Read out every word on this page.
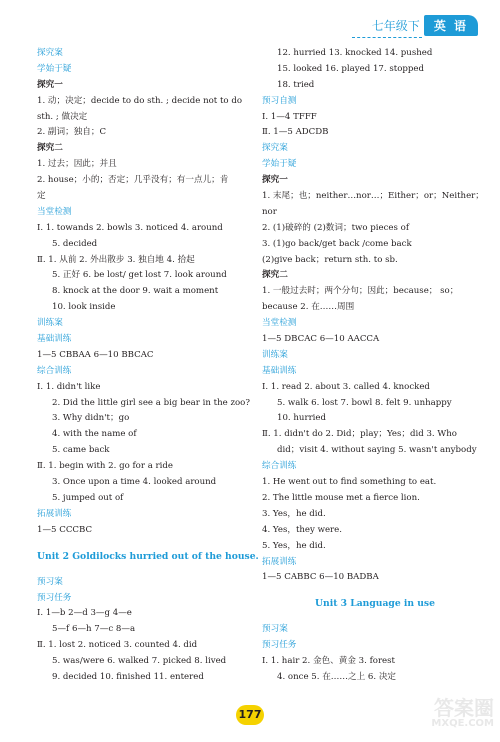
七年级下	英 语
探究案
学始于疑
探究一
1. 动；决定；decide to do sth. ; decide not to do
sth. ; 做决定
2. 副词；独自；C
探究二
1. 过去；因此；并且
2. house；小的；否定；几乎没有；有一点儿；肯
定
当堂检测
Ⅰ. 1. towands 2. bowls 3. noticed 4. around
5. decided
Ⅱ. 1. 从前 2. 外出散步 3. 独自地 4. 拾起
5. 正好 6. be lost/ get lost 7. look around
8. knock at the door 9. wait a moment
10. look inside
训练案
基础训练
1—5 CBBAA 6—10 BBCAC
综合训练
Ⅰ. 1. didn't like
2. Did the little girl see a big bear in the zoo?
3. Why didn't；go
4. with the name of
5. came back
Ⅱ. 1. begin with 2. go for a ride
3. Once upon a time 4. looked around
5. jumped out of
拓展训练
1—5 CCCBC
Unit 2 Goldilocks hurried out of the house.
预习案
预习任务
Ⅰ. 1—b 2—d 3—g 4—e
5—f 6—h 7—c 8—a
Ⅱ. 1. lost 2. noticed 3. counted 4. did
5. was/were 6. walked 7. picked 8. lived
9. decided 10. finished 11. entered
12. hurried 13. knocked 14. pushed
15. looked 16. played 17. stopped
18. tried
预习自测
Ⅰ. 1—4 TFFF
Ⅱ. 1—5 ADCDB
探究案
学始于疑
探究一
1. 末尾；也；neither…nor…；Either；or；Neither；
nor
2. (1)破碎的 (2)数词；two pieces of
3. (1)go back/get back /come back
(2)give back；return sth. to sb.
探究二
1. 一般过去时；两个分句；因此；because； so；
because 2. 在……周围
当堂检测
1—5 DBCAC 6—10 AACCA
训练案
基础训练
Ⅰ. 1. read 2. about 3. called 4. knocked
5. walk 6. lost 7. bowl 8. felt 9. unhappy
10. hurried
Ⅱ. 1. didn't do 2. Did；play；Yes；did 3. Who
did；visit 4. without saying 5. wasn't anybody
综合训练
1. He went out to find something to eat.
2. The little mouse met a fierce lion.
3. Yes，he did.
4. Yes，they were.
5. Yes，he did.
拓展训练
1—5 CABBC 6—10 BADBA
Unit 3 Language in use
预习案
预习任务
Ⅰ. 1. hair 2. 金色、黄金 3. forest
4. once 5. 在……之上 6. 决定
177	答案圈
MXQE.COM
